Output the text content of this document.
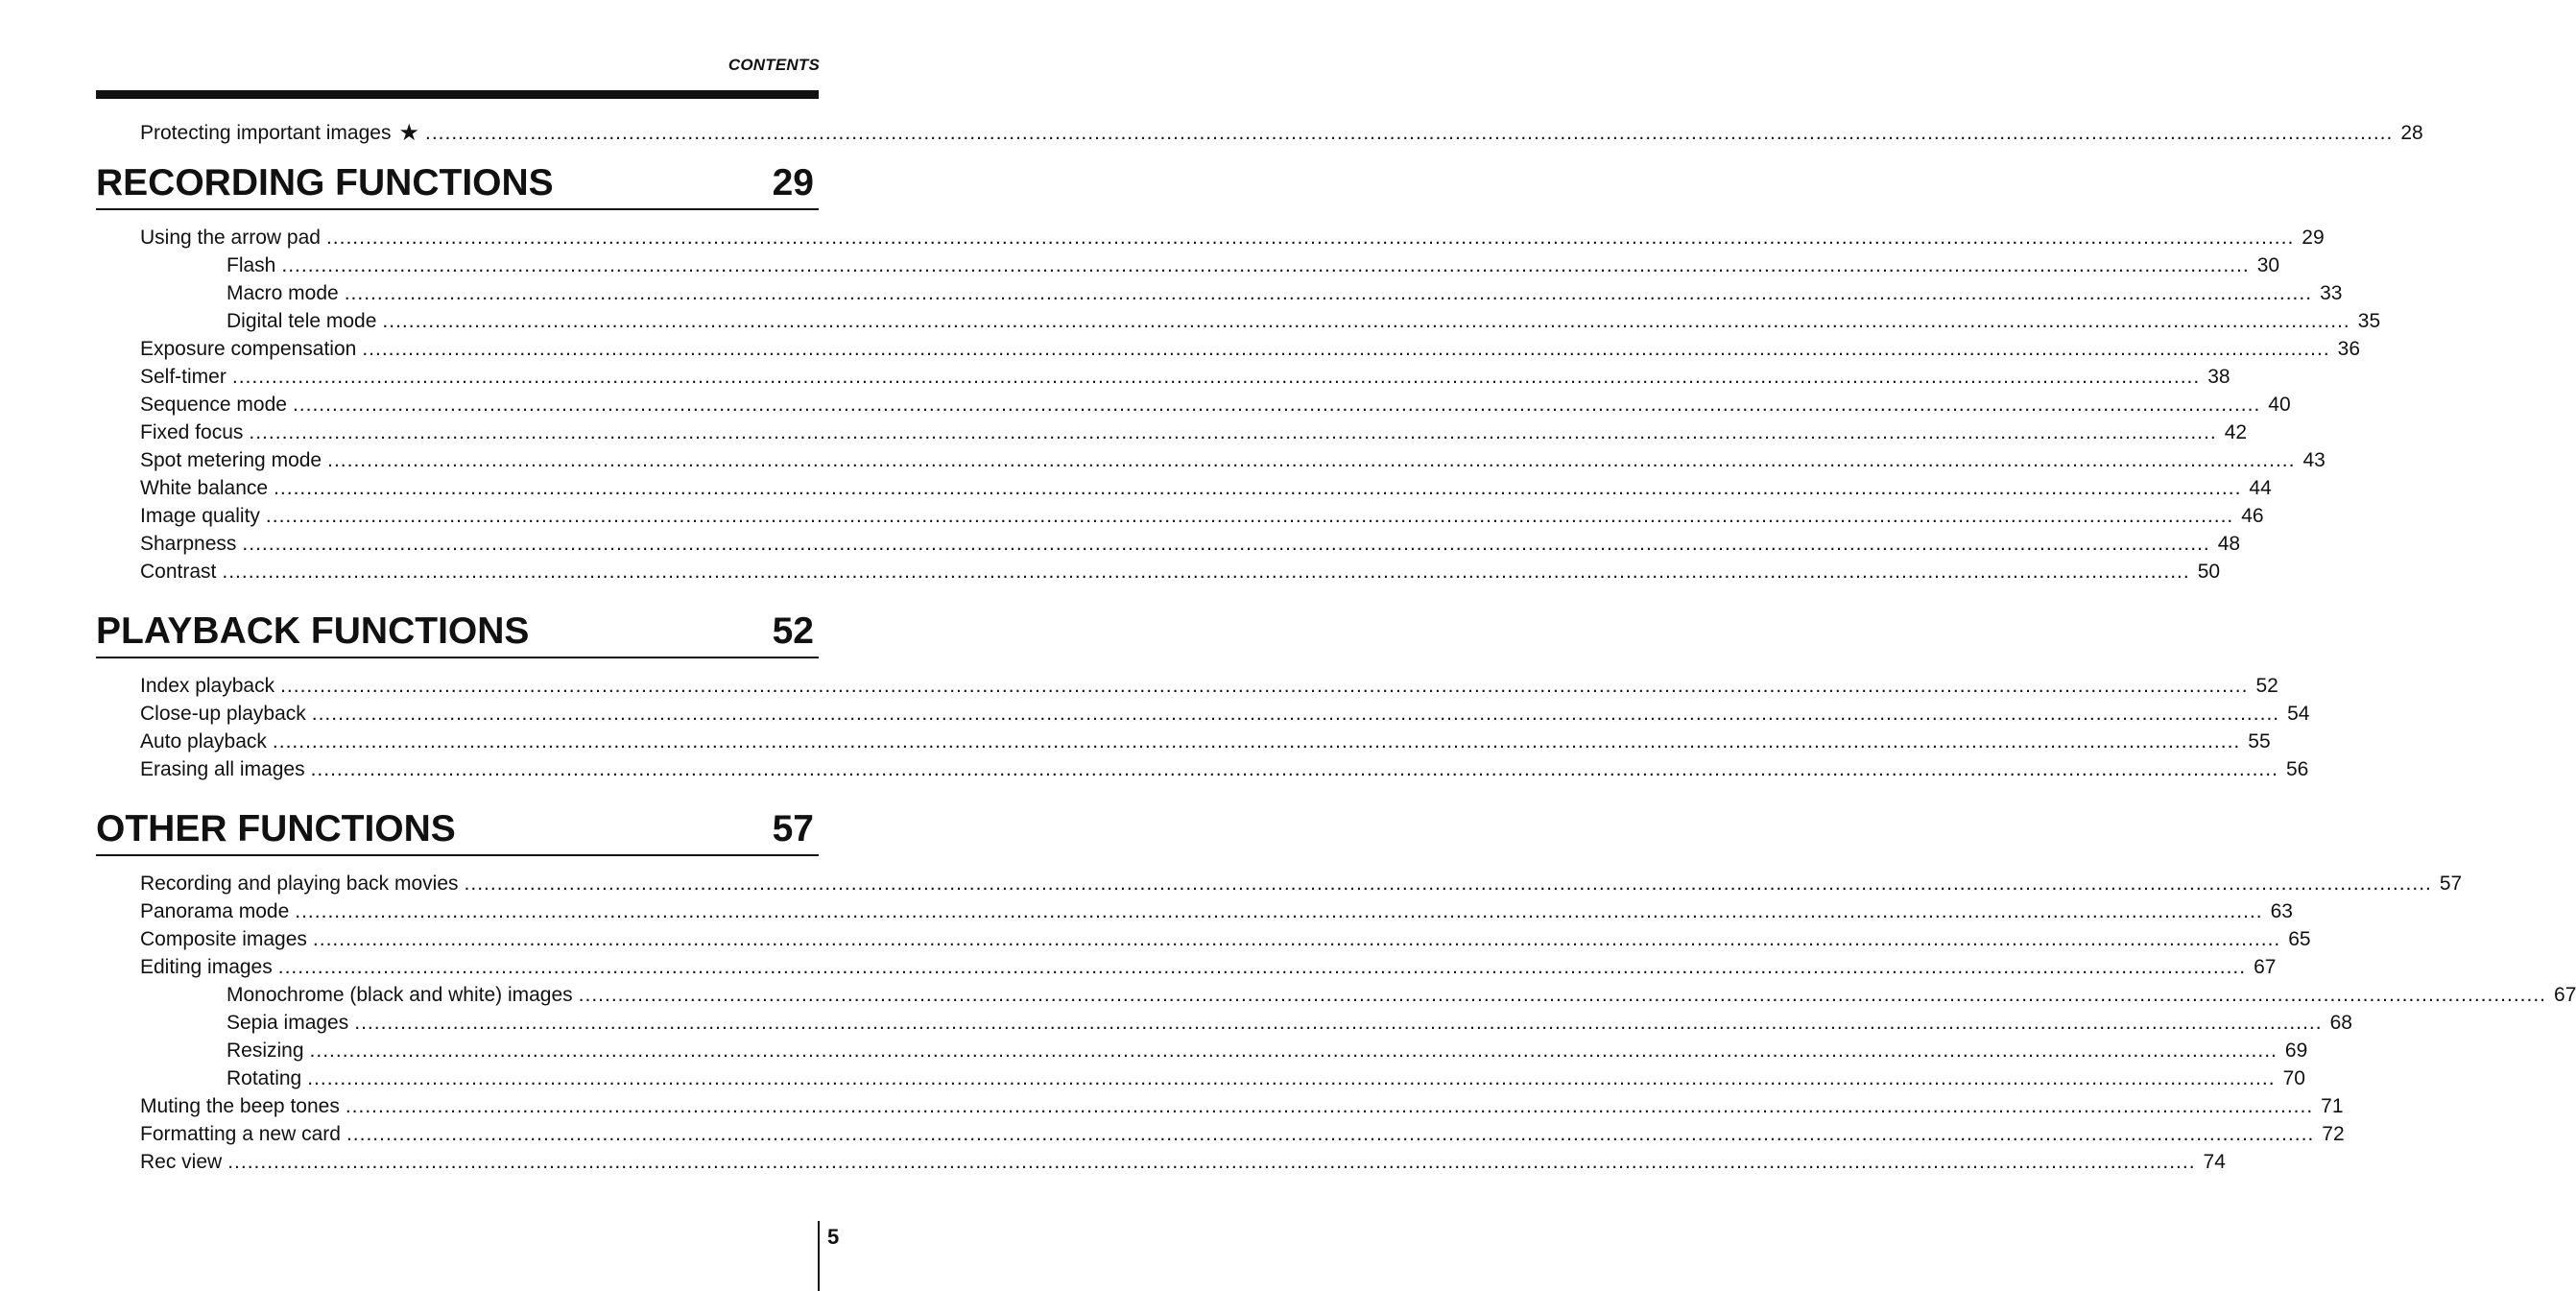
CONTENTS
Protecting important images ★ ............................................................................................................................................................................................................................................................................................................ 28
RECORDING FUNCTIONS	29
Using the arrow pad ............................................................................................................................................................................................................................................................................................................ 29
Flash ............................................................................................................................................................................................................................................................................................................ 30
Macro mode ............................................................................................................................................................................................................................................................................................................ 33
Digital tele mode ............................................................................................................................................................................................................................................................................................................ 35
Exposure compensation ............................................................................................................................................................................................................................................................................................................ 36
Self-timer ............................................................................................................................................................................................................................................................................................................ 38
Sequence mode ............................................................................................................................................................................................................................................................................................................ 40
Fixed focus ............................................................................................................................................................................................................................................................................................................ 42
Spot metering mode ............................................................................................................................................................................................................................................................................................................ 43
White balance ............................................................................................................................................................................................................................................................................................................ 44
Image quality ............................................................................................................................................................................................................................................................................................................ 46
Sharpness ............................................................................................................................................................................................................................................................................................................ 48
Contrast ............................................................................................................................................................................................................................................................................................................ 50
PLAYBACK FUNCTIONS	52
Index playback ............................................................................................................................................................................................................................................................................................................ 52
Close-up playback ............................................................................................................................................................................................................................................................................................................ 54
Auto playback ............................................................................................................................................................................................................................................................................................................ 55
Erasing all images ............................................................................................................................................................................................................................................................................................................ 56
OTHER FUNCTIONS	57
Recording and playing back movies ............................................................................................................................................................................................................................................................................................................ 57
Panorama mode ............................................................................................................................................................................................................................................................................................................ 63
Composite images ............................................................................................................................................................................................................................................................................................................ 65
Editing images ............................................................................................................................................................................................................................................................................................................ 67
Monochrome (black and white) images ............................................................................................................................................................................................................................................................................................................ 67
Sepia images ............................................................................................................................................................................................................................................................................................................ 68
Resizing ............................................................................................................................................................................................................................................................................................................ 69
Rotating ............................................................................................................................................................................................................................................................................................................ 70
Muting the beep tones ............................................................................................................................................................................................................................................................................................................ 71
Formatting a new card ............................................................................................................................................................................................................................................................................................................ 72
Rec view ............................................................................................................................................................................................................................................................................................................ 74
5
